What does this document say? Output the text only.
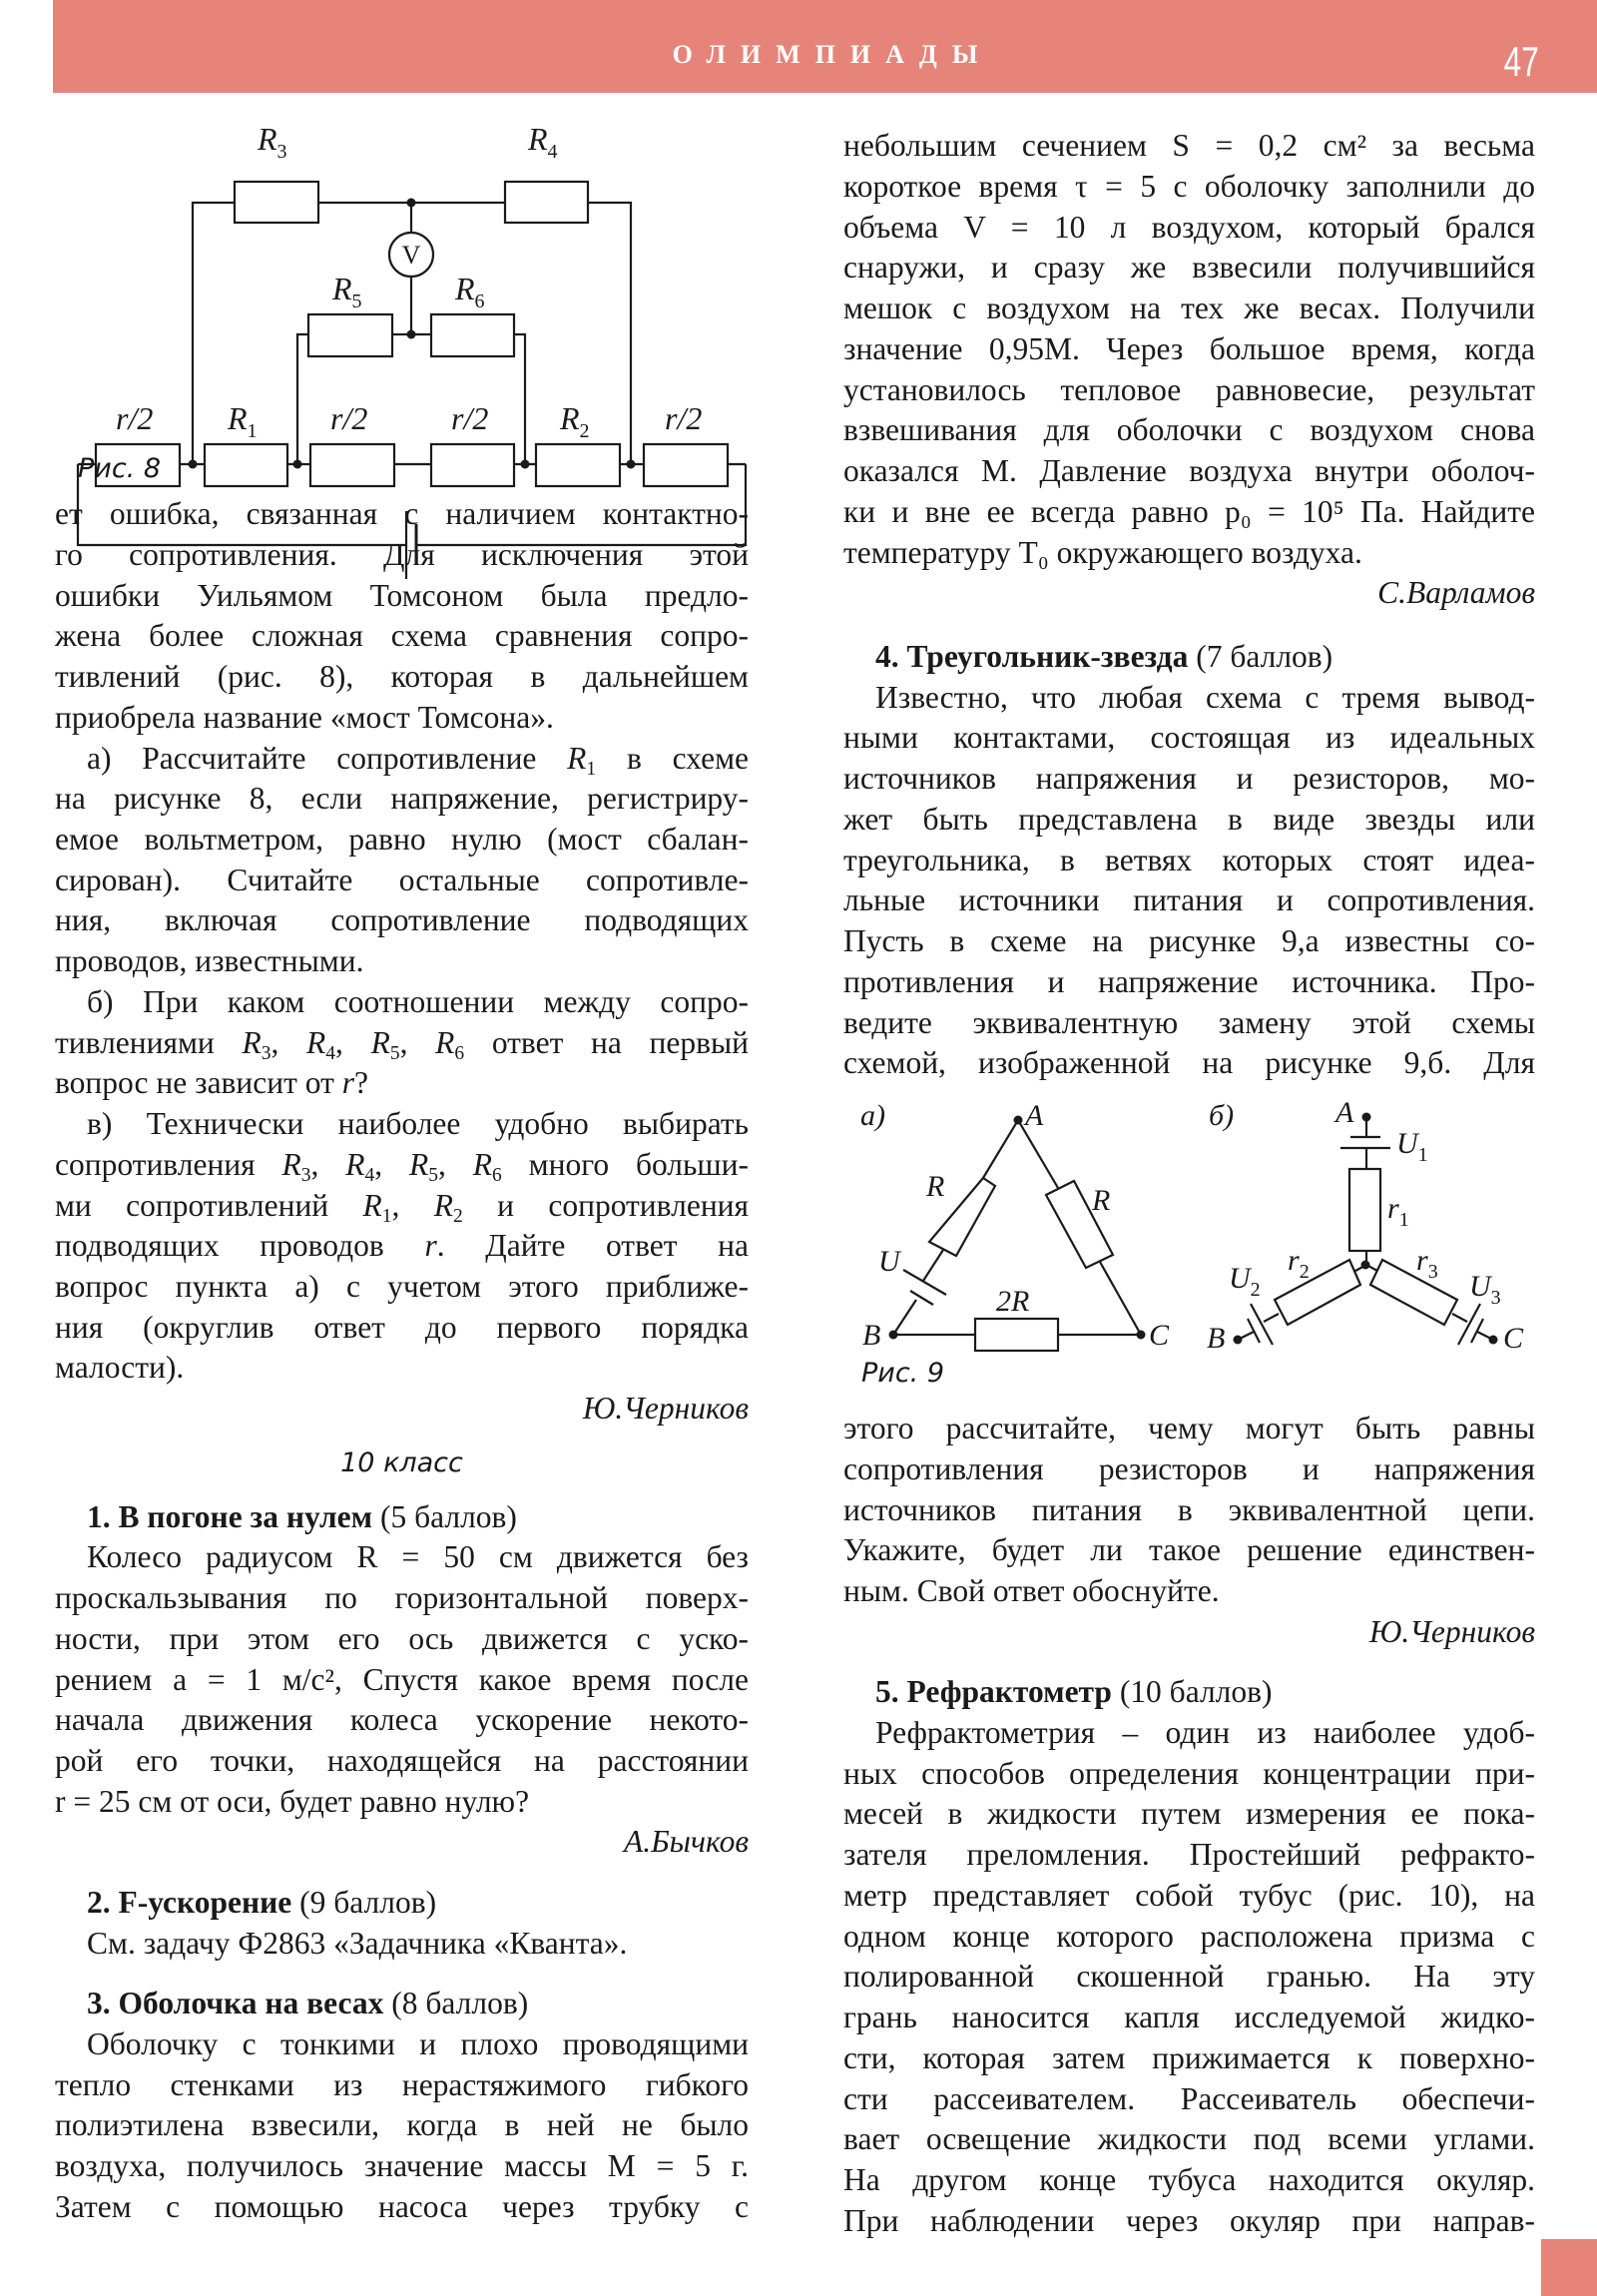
ОЛИМПИАДЫ	47
V
$R_3$	$R_4$
$R_5$	$R_6$
r/2 $R_1$ r/2	r/2 $R_2$ r/2
Рис. 8
ет ошибка, связанная с наличием контактно-
го сопротивления. Для исключения этой
ошибки Уильямом Томсоном была предло-
жена более сложная схема сравнения сопро-
тивлений (рис. 8), которая в дальнейшем
приобрела название «мост Томсона».
а) Рассчитайте сопротивление $R_1$ в схеме
на рисунке 8, если напряжение, регистриру-
емое вольтметром, равно нулю (мост сбалан-
сирован). Считайте остальные сопротивле-
ния, включая сопротивление подводящих
проводов, известными.
б) При каком соотношении между сопро-
тивлениями $R_3$, $R_4$, $R_5$, $R_6$ ответ на первый
вопрос не зависит от r?
в) Технически наиболее удобно выбирать
сопротивления $R_3$, $R_4$, $R_5$, $R_6$ много больши-
ми сопротивлений $R_1$, $R_2$ и сопротивления
подводящих проводов r. Дайте ответ на
вопрос пункта а) с учетом этого приближе-
ния (округлив ответ до первого порядка
малости).
Ю.Черников
10 класс
1. В погоне за нулем (5 баллов)
Колесо радиусом R = 50 см движется без
проскальзывания по горизонтальной поверх-
ности, при этом его ось движется с уско-
рением a = 1 м/с², Спустя какое время после
начала движения колеса ускорение некото-
рой его точки, находящейся на расстоянии
r = 25 см от оси, будет равно нулю?
А.Бычков
2. F-ускорение (9 баллов)
См. задачу Ф2863 «Задачника «Кванта».
3. Оболочка на весах (8 баллов)
Оболочку с тонкими и плохо проводящими
тепло стенками из нерастяжимого гибкого
полиэтилена взвесили, когда в ней не было
воздуха, получилось значение массы M = 5 г.
Затем с помощью насоса через трубку с
небольшим сечением S = 0,2 см² за весьма
короткое время τ = 5 с оболочку заполнили до
объема V = 10 л воздухом, который брался
снаружи, и сразу же взвесили получившийся
мешок с воздухом на тех же весах. Получили
значение 0,95M. Через большое время, когда
установилось тепловое равновесие, результат
взвешивания для оболочки с воздухом снова
оказался M. Давление воздуха внутри оболоч-
ки и вне ее всегда равно p₀ = 10⁵ Па. Найдите
температуру T₀ окружающего воздуха.
С.Варламов
4. Треугольник-звезда (7 баллов)
Известно, что любая схема с тремя вывод-
ными контактами, состоящая из идеальных
источников напряжения и резисторов, мо-
жет быть представлена в виде звезды или
треугольника, в ветвях которых стоят идеа-
льные источники питания и сопротивления.
Пусть в схеме на рисунке 9,а известны со-
противления и напряжение источника. Про-
ведите эквивалентную замену этой схемы
схемой, изображенной на рисунке 9,б. Для
а)	A
B	C
R	R
2R
U
б)	A
B	C
$U_1$
$r_1$
$r_2$	$r_3$
$U_2$	$U_3$
Рис. 9
этого рассчитайте, чему могут быть равны
сопротивления резисторов и напряжения
источников питания в эквивалентной цепи.
Укажите, будет ли такое решение единствен-
ным. Свой ответ обоснуйте.
Ю.Черников
5. Рефрактометр (10 баллов)
Рефрактометрия – один из наиболее удоб-
ных способов определения концентрации при-
месей в жидкости путем измерения ее пока-
зателя преломления. Простейший рефракто-
метр представляет собой тубус (рис. 10), на
одном конце которого расположена призма с
полированной скошенной гранью. На эту
грань наносится капля исследуемой жидко-
сти, которая затем прижимается к поверхно-
сти рассеивателем. Рассеиватель обеспечи-
вает освещение жидкости под всеми углами.
На другом конце тубуса находится окуляр.
При наблюдении через окуляр при направ-
